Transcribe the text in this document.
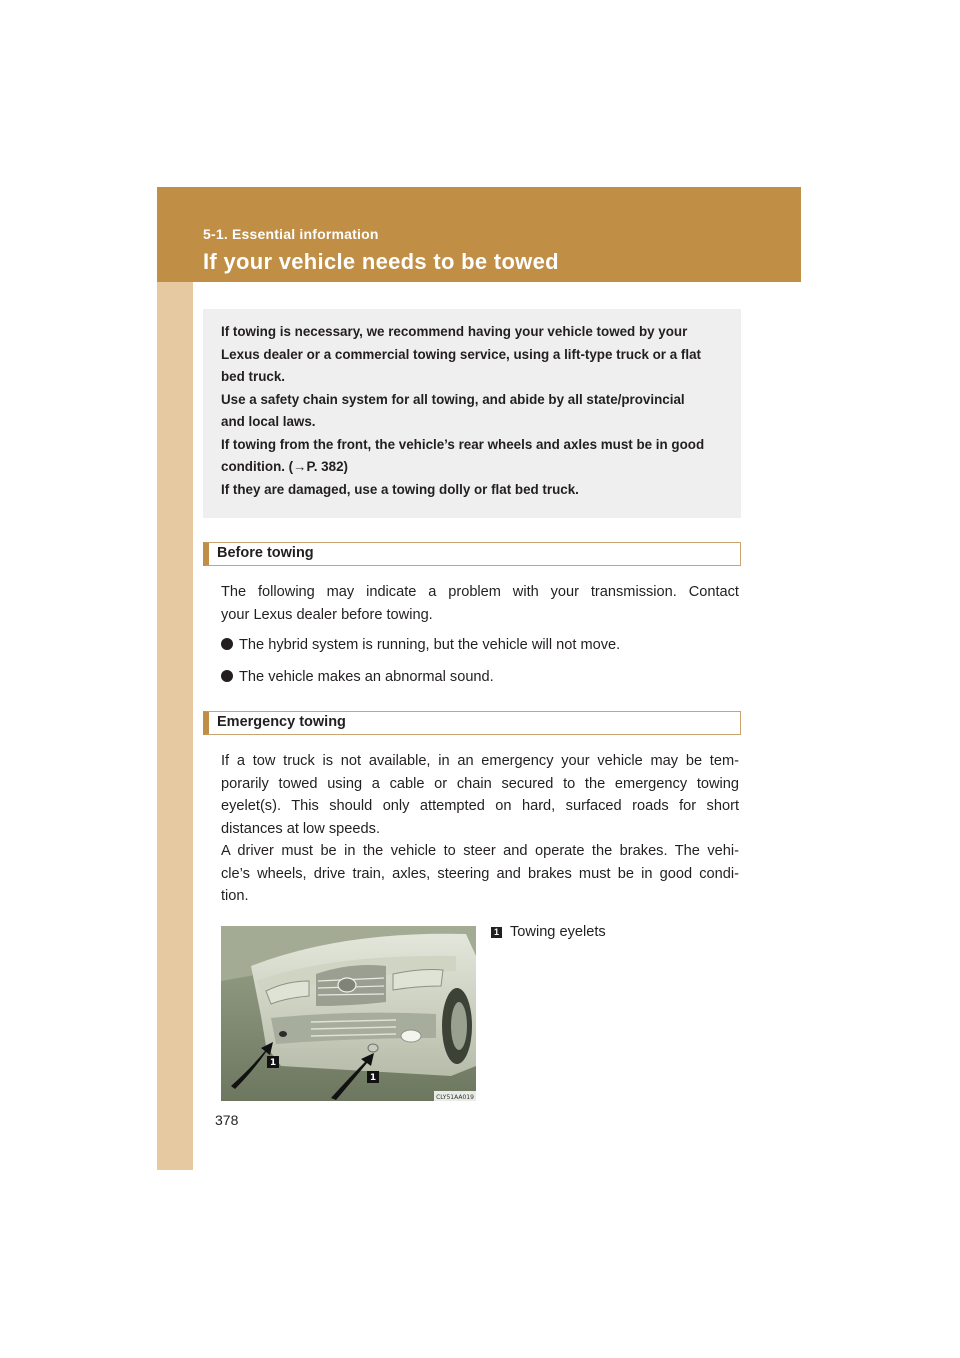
5-1. Essential information
If your vehicle needs to be towed

If towing is necessary, we recommend having your vehicle towed by your

Lexus dealer or a commercial towing service, using a lift-type truck or a flat

bed truck.

Use a safety chain system for all towing, and abide by all state/provincial

and local laws.

If towing from the front, the vehicle’s rear wheels and axles must be in good

condition. (→P. 382)

If they are damaged, use a towing dolly or flat bed truck.

Before towing
The following may indicate a problem with your transmission. Contact
your Lexus dealer before towing.
The hybrid system is running, but the vehicle will not move.
The vehicle makes an abnormal sound.
Emergency towing
If a tow truck is not available, in an emergency your vehicle may be tem-
porarily towed using a cable or chain secured to the emergency towing
eyelet(s). This should only attempted on hard, surfaced roads for short
distances at low speeds.
A driver must be in the vehicle to steer and operate the brakes. The vehi-
cle’s wheels, drive train, axles, steering and brakes must be in good condi-
tion.
1
1
CLY51AA019
1 Towing eyelets
378
